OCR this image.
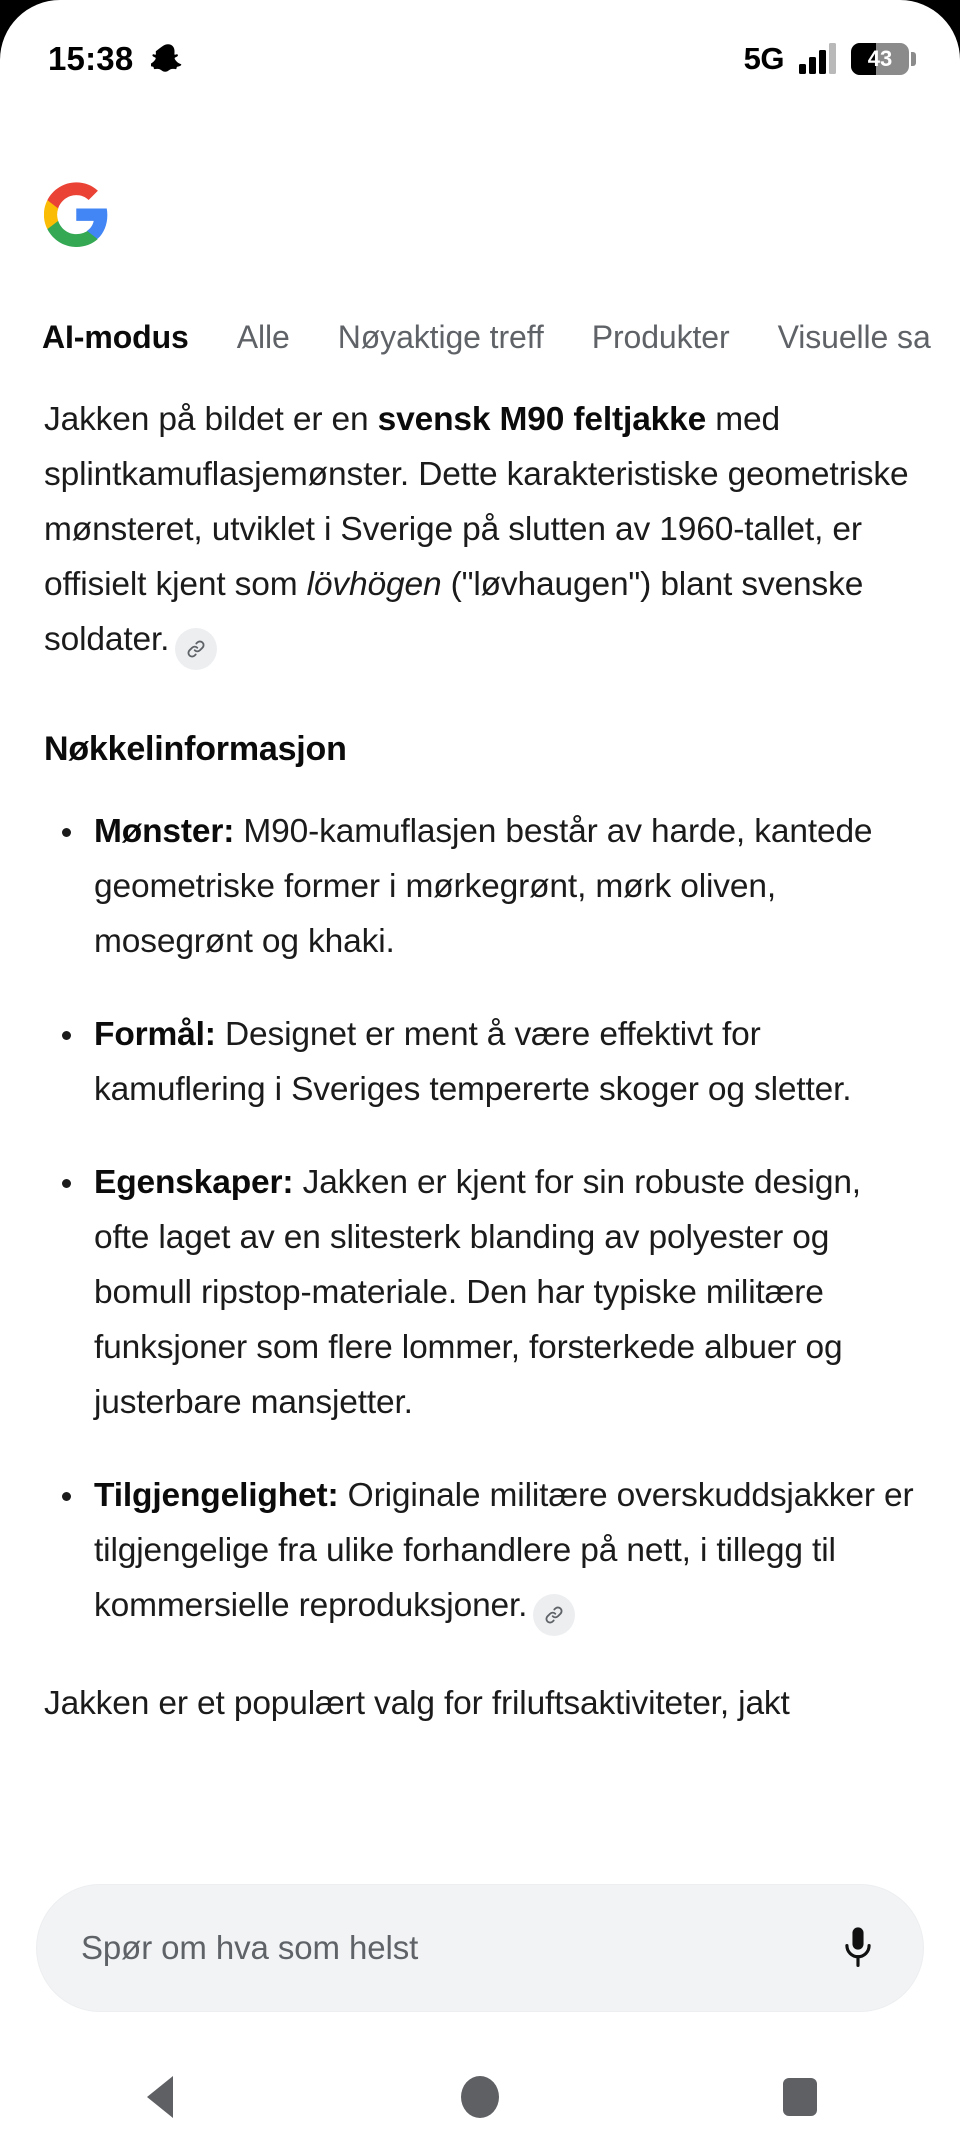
15:38	5G	43
AI-modus Alle Nøyaktige treff Produkter Visuelle sa

Jakken på bildet er en svensk M90 feltjakke med splintkamuflasjemønster. Dette karakteristiske geometriske mønsteret, utviklet i Sverige på slutten av 1960-tallet, er offisielt kjent som lövhögen ("løvhaugen") blant svenske soldater.

Nøkkelinformasjon
Mønster: M90-kamuflasjen består av harde, kantede geometriske former i mørkegrønt, mørk oliven, mosegrønt og khaki.
Formål: Designet er ment å være effektivt for kamuflering i Sveriges tempererte skoger og sletter.
Egenskaper: Jakken er kjent for sin robuste design, ofte laget av en slitesterk blanding av polyester og bomull ripstop-materiale. Den har typiske militære funksjoner som flere lommer, forsterkede albuer og justerbare mansjetter.
Tilgjengelighet: Originale militære overskuddsjakker er tilgjengelige fra ulike forhandlere på nett, i tillegg til kommersielle reproduksjoner.

Jakken er et populært valg for friluftsaktiviteter, jakt

Spør om hva som helst
